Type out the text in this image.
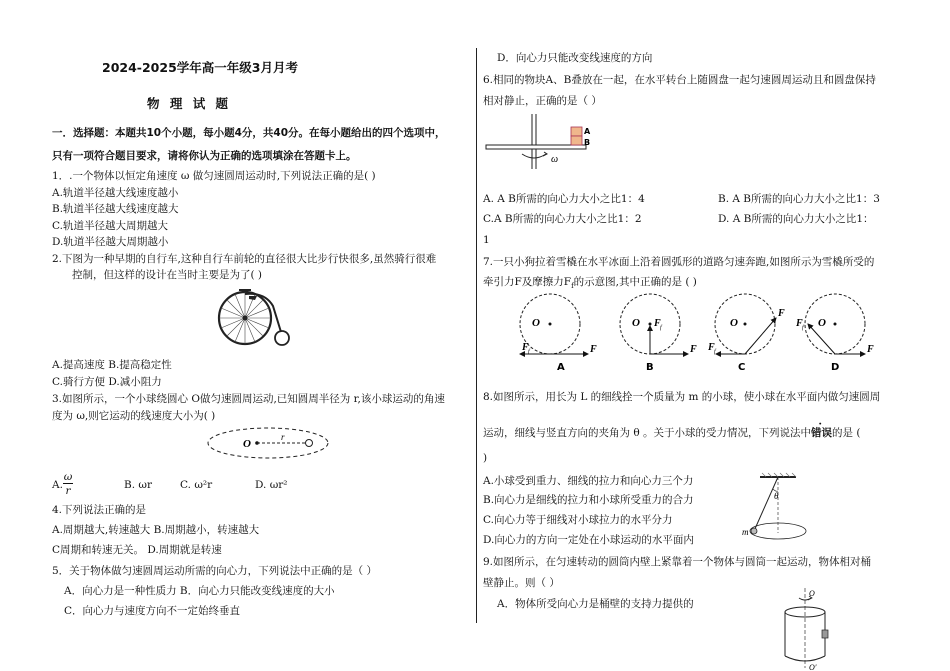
2024-2025学年高一年级3月月考
物 理 试 题
一．选择题：本题共10个小题，每小题4分，共40分。在每小题给出的四个选项中，
只有一项符合题目要求，请将你认为正确的选项填涂在答题卡上。
1．.一个物体以恒定角速度 ω 做匀速圆周运动时,下列说法正确的是( )
A.轨道半径越大线速度越小
B.轨道半径越大线速度越大
C.轨道半径越大周期越大
D.轨道半径越大周期越小
2.下图为一种早期的自行车,这种自行车前轮的直径很大比步行快很多,虽然骑行很难
控制，但这样的设计在当时主要是为了( )
A.提高速度 B.提高稳定性
C.骑行方便 D.减小阻力
3.如图所示，一个小球绕圆心 O做匀速圆周运动,已知圆周半径为 r,该小球运动的角速
度为 ω,则它运动的线速度大小为( )
O
r
A.
ω
r	B. ωr	C. ω²r	D. ωr²
4.下列说法正确的是
A.周期越大,转速越大 B.周期越小，转速越大
C周期和转速无关。 D.周期就是转速
5．关于物体做匀速圆周运动所需的向心力，下列说法中正确的是（ ）
A．向心力是一种性质力 B．向心力只能改变线速度的大小
C．向心力与速度方向不一定始终垂直
D．向心力只能改变线速度的方向
6.相同的物块A、B叠放在一起，在水平转台上随圆盘一起匀速圆周运动且和圆盘保持
相对静止，正确的是（ ）
A
B
ω
A. A B所需的向心力大小之比1：4	B. A B所需的向心力大小之比1：3
C.A B所需的向心力大小之比1：2	D. A B所需的向心力大小之比1：
1
7.一只小狗拉着雪橇在水平冰面上沿着圆弧形的道路匀速奔跑,如图所示为雪橇所受的
牵引力F及摩擦力$F_f$的示意图,其中正确的是 ( )
O
F
F f
A
O
F
F f
B
O
F
F f
C
O
F
F f
D
8.如图所示，用长为 L 的细线拴一个质量为 m 的小球，使小球在水平面内做匀速圆周
运动，细线与竖直方向的夹角为 θ 。关于小球的受力情况，下列说法中错误的是 (
)
A.小球受到重力、细线的拉力和向心力三个力
B.向心力是细线的拉力和小球所受重力的合力
C.向心力等于细线对小球拉力的水平分力
D.向心力的方向一定处在小球运动的水平面内
θ
m
9.如图所示，在匀速转动的圆筒内壁上紧靠着一个物体与圆筒一起运动，物体相对桶
壁静止。则（ ）
A．物体所受向心力是桶壁的支持力提供的
O
O′
